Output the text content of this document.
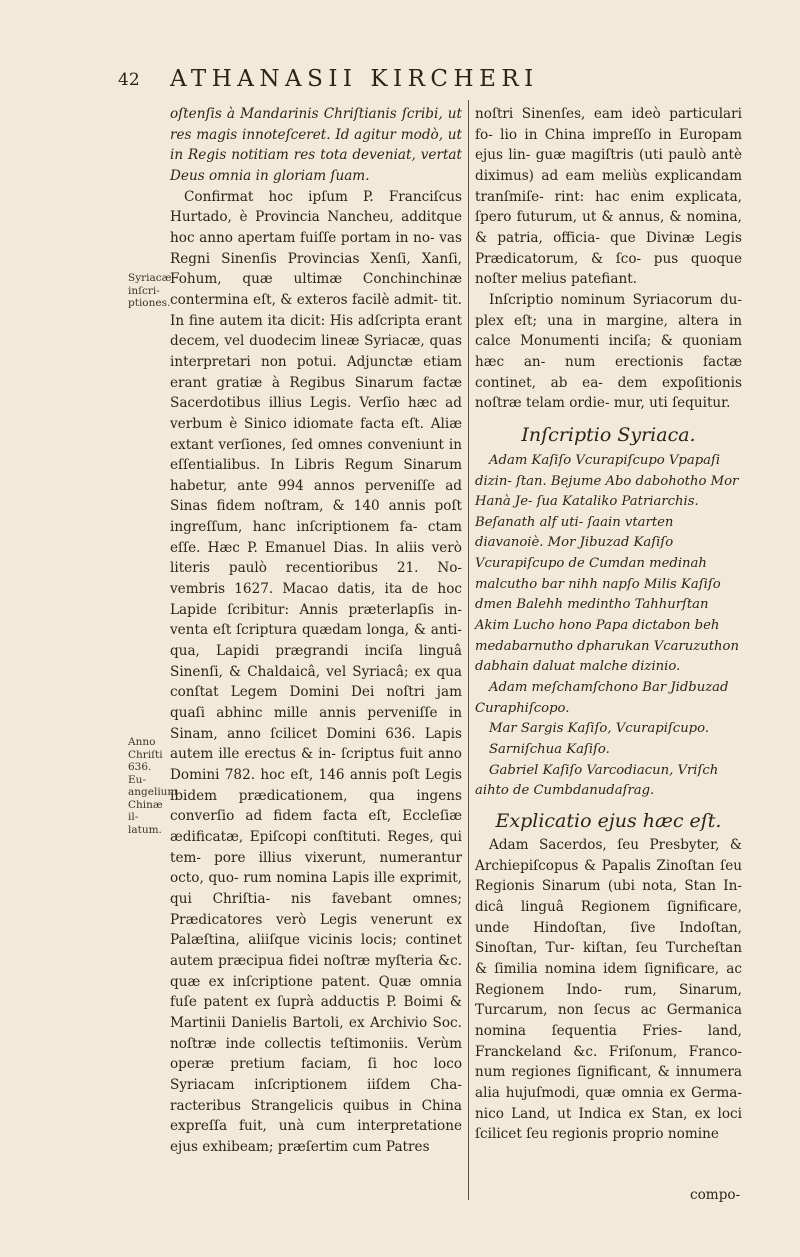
42 ATHANASII KIRCHERI
Syriacæ inſcri- ptiones.
Anno Chriſti 636. Eu- angelium Chinæ il- latum.

oſtenſis à Mandarinis Chriſtianis ſcribi, ut res magis innoteſceret. Id agitur modò, ut in Regis notitiam res tota deveniat, vertat Deus omnia in gloriam ſuam.

Confirmat hoc ipſum P. Franciſcus Hurtado, è Provincia Nancheu, additque hoc anno apertam fuiſſe portam in no- vas Regni Sinenſis Provincias Xenſi, Xanſi, Fohum, quæ ultimæ Conchinchinæ contermina eſt, & exteros facilè admit- tit. In fine autem ita dicit: His adſcripta erant decem, vel duodecim lineæ Syriacæ, quas interpretari non potui. Adjunctæ etiam erant gratiæ à Regibus Sinarum factæ Sacerdotibus illius Legis. Verſio hæc ad verbum è Sinico idiomate facta eſt. Aliæ extant verſiones, ſed omnes conveniunt in eſſentialibus. In Libris Regum Sinarum habetur, ante 994 annos perveniſſe ad Sinas fidem noſtram, & 140 annis poſt ingreſſum, hanc inſcriptionem fa- ctam eſſe. Hæc P. Emanuel Dias. In aliis verò literis paulò recentioribus 21. No- vembris 1627. Macao datis, ita de hoc Lapide ſcribitur: Annis præterlapſis in- venta eſt ſcriptura quædam longa, & anti- qua, Lapidi prægrandi inciſa linguâ Sinenſi, & Chaldaicâ, vel Syriacâ; ex qua conſtat Legem Domini Dei noſtri jam quaſi abhinc mille annis perveniſſe in Sinam, anno ſcilicet Domini 636. Lapis autem ille erectus & in- ſcriptus fuit anno Domini 782. hoc eſt, 146 annis poſt Legis ibidem prædicationem, qua ingens converſio ad fidem facta eſt, Eccleſiæ ædificatæ, Epiſcopi conſtituti. Reges, qui tem- pore illius vixerunt, numerantur octo, quo- rum nomina Lapis ille exprimit, qui Chriſtia- nis favebant omnes; Prædicatores verò Legis venerunt ex Palæſtina, aliiſque vicinis locis; continet autem præcipua fidei noſtræ myſteria &c. quæ ex inſcriptione patent. Quæ omnia fuſe patent ex ſuprà adductis P. Boimi & Martinii Danielis Bartoli, ex Archivio Soc. noſtræ inde collectis teſtimoniis. Verùm operæ pretium faciam, ſi hoc loco Syriacam inſcriptionem iiſdem Cha- racteribus Strangelicis quibus in China expreſſa fuit, unà cum interpretatione ejus exhibeam; præſertim cum Patres

noſtri Sinenſes, eam ideò particulari fo- lio in China impreſſo in Europam ejus lin- guæ magiſtris (uti paulò antè diximus) ad eam meliùs explicandam tranſmiſe- rint: hac enim explicata, ſpero futurum, ut & annus, & nomina, & patria, officia- que Divinæ Legis Prædicatorum, & ſco- pus quoque noſter melius patefiant.

Inſcriptio nominum Syriacorum du- plex eſt; una in margine, altera in calce Monumenti inciſa; & quoniam hæc an- num erectionis factæ continet, ab ea- dem expoſitionis noſtræ telam ordie- mur, uti ſequitur.

Inſcriptio Syriaca.

Adam Kaſiſo Vcurapiſcupo Vpapaſi dizin- ſtan. Bejume Abo dabohotho Mor Hanà Je- ſua Kataliko Patriarchis. Beſanath alf uti- ſaain vtarten diavanoiè. Mor Jibuzad Kaſiſo Vcurapiſcupo de Cumdan medinah malcutho bar nihh napſo Milis Kaſiſo dmen Balehh medintho Tahhurſtan Akim Lucho hono Papa dictabon beh medabarnutho dpharukan Vcaruzuthon dabhain daluat malche dizinio.

Adam meſchamſchono Bar Jidbuzad Curaphiſcopo.

Mar Sargis Kaſiſo, Vcurapiſcupo.

Sarniſchua Kaſiſo.

Gabriel Kaſiſo Varcodiacun, Vriſch aihto de Cumbdanudaſrag.

Explicatio ejus hæc eſt.

Adam Sacerdos, ſeu Presbyter, & Archiepiſcopus & Papalis Zinoſtan ſeu Regionis Sinarum (ubi nota, Stan In- dicâ linguâ Regionem ſignificare, unde Hindoſtan, ſive Indoſtan, Sinoſtan, Tur- kiſtan, ſeu Turcheſtan & ſimilia nomina idem ſignificare, ac Regionem Indo- rum, Sinarum, Turcarum, non ſecus ac Germanica nomina ſequentia Fries- land, Franckeland &c. Friſonum, Franco- num regiones ſignificant, & innumera alia hujuſmodi, quæ omnia ex Germa- nico Land, ut Indica ex Stan, ex loci ſcilicet ſeu regionis proprio nomine

compo-
